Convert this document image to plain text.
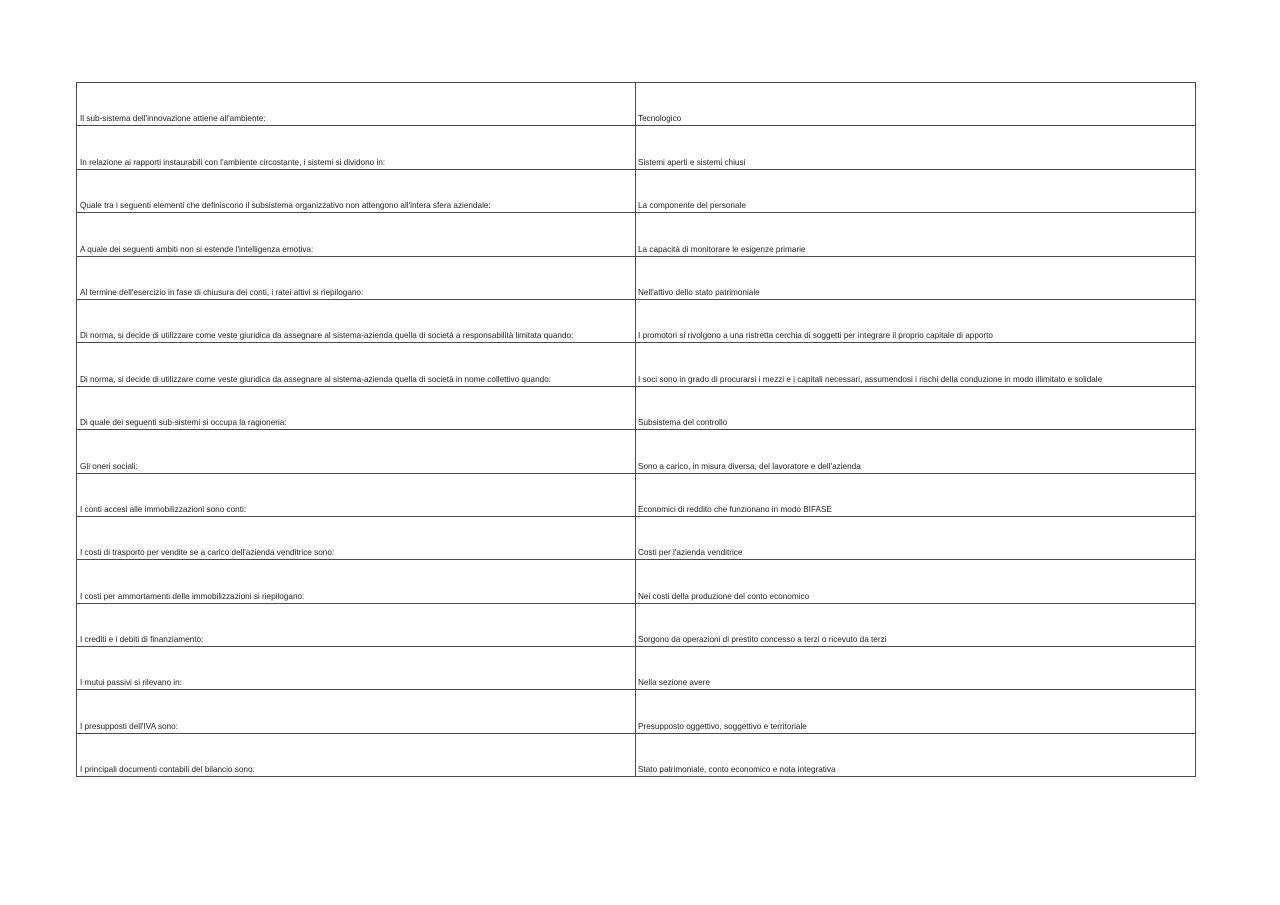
Il sub-sistema dell'innovazione attiene all'ambiente:	Tecnologico
In relazione ai rapporti instaurabili con l'ambiente circostante, i sistemi si dividono in:	Sistemi aperti e sistemi chiusi
Quale tra i seguenti elementi che definiscono il subsistema organizzativo non attengono all'intera sfera aziendale:	La componente del personale
A quale dei seguenti ambiti non si estende l'intelligenza emotiva:	La capacità di monitorare le esigenze primarie
Al termine dell'esercizio in fase di chiusura dei conti, i ratei attivi si riepilogano:	Nell'attivo dello stato patrimoniale
Di norma, si decide di utilizzare come veste giuridica da assegnare al sistema-azienda quella di società a responsabilità limitata quando:	I promotori si rivolgono a una ristretta cerchia di soggetti per integrare il proprio capitale di apporto
Di norma, si decide di utilizzare come veste giuridica da assegnare al sistema-azienda quella di società in nome collettivo quando:	I soci sono in grado di procurarsi i mezzi e i capitali necessari, assumendosi i rischi della conduzione in modo illimitato e solidale
Di quale dei seguenti sub-sistemi si occupa la ragioneria:	Subsistema del controllo
Gli oneri sociali:	Sono a carico, in misura diversa, del lavoratore e dell'azienda
I conti accesi alle immobilizzazioni sono conti:	Economici di reddito che funzionano in modo BIFASE
I costi di trasporto per vendite se a carico dell'azienda venditrice sono:	Costi per l'azienda venditrice
I costi per ammortamenti delle immobilizzazioni si riepilogano:	Nei costi della produzione del conto economico
I crediti e i debiti di finanziamento:	Sorgono da operazioni di prestito concesso a terzi o ricevuto da terzi
I mutui passivi si rilevano in:	Nella sezione avere
I presupposti dell'IVA sono:	Presupposto oggettivo, soggettivo e territoriale
I principali documenti contabili del bilancio sono:	Stato patrimoniale, conto economico e nota integrativa
